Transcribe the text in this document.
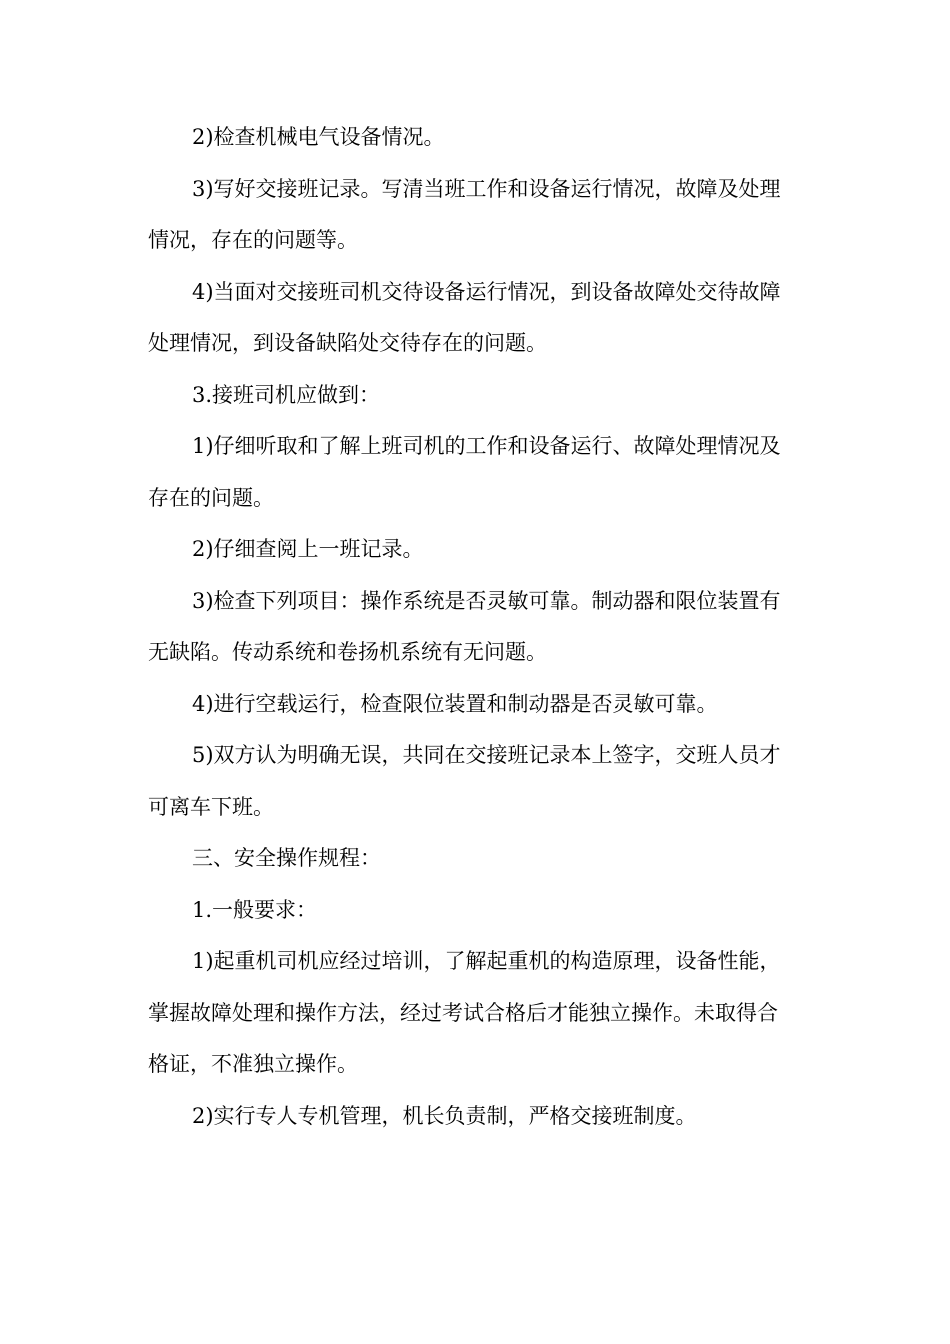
2)检查机械电气设备情况。

3)写好交接班记录。写清当班工作和设备运行情况，故障及处理情况，存在的问题等。

4)当面对交接班司机交待设备运行情况，到设备故障处交待故障处理情况，到设备缺陷处交待存在的问题。

3.接班司机应做到：

1)仔细听取和了解上班司机的工作和设备运行、故障处理情况及存在的问题。

2)仔细查阅上一班记录。

3)检查下列项目：操作系统是否灵敏可靠。制动器和限位装置有无缺陷。传动系统和卷扬机系统有无问题。

4)进行空载运行，检查限位装置和制动器是否灵敏可靠。

5)双方认为明确无误，共同在交接班记录本上签字，交班人员才可离车下班。

三、安全操作规程：

1.一般要求：

1)起重机司机应经过培训，了解起重机的构造原理，设备性能，掌握故障处理和操作方法，经过考试合格后才能独立操作。未取得合格证，不准独立操作。

2)实行专人专机管理，机长负责制，严格交接班制度。
